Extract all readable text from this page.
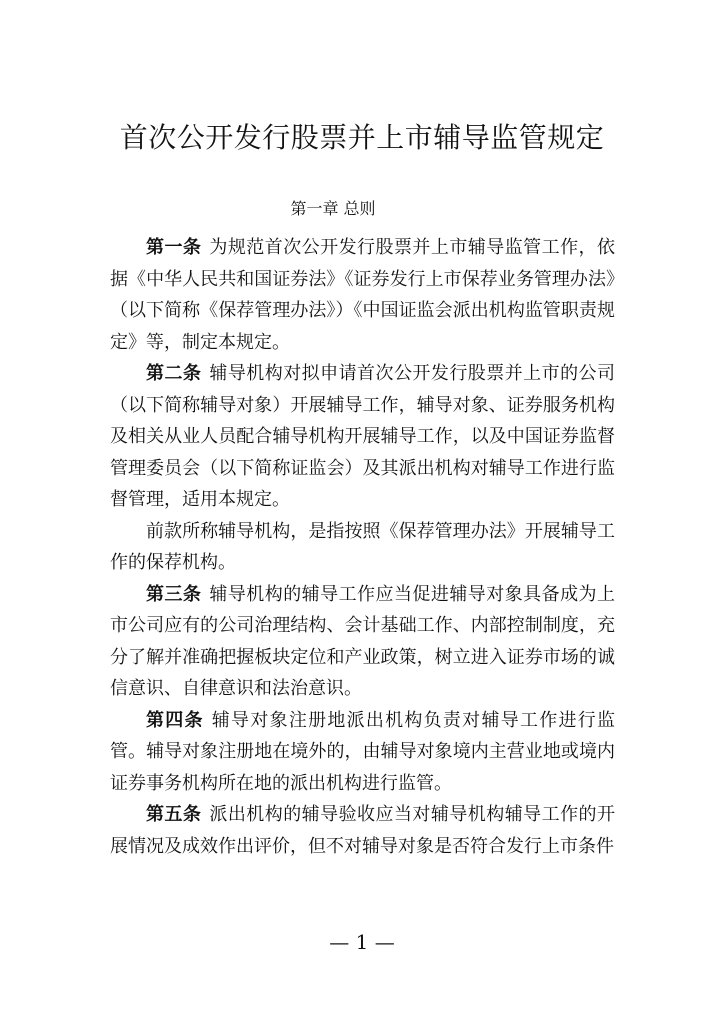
首次公开发行股票并上市辅导监管规定
第一章 总则

第一条 为规范首次公开发行股票并上市辅导监管工作，依据《中华人民共和国证券法》《证券发行上市保荐业务管理办法》（以下简称《保荐管理办法》）《中国证监会派出机构监管职责规定》等，制定本规定。

第二条 辅导机构对拟申请首次公开发行股票并上市的公司（以下简称辅导对象）开展辅导工作，辅导对象、证券服务机构及相关从业人员配合辅导机构开展辅导工作，以及中国证券监督管理委员会（以下简称证监会）及其派出机构对辅导工作进行监督管理，适用本规定。

前款所称辅导机构，是指按照《保荐管理办法》开展辅导工作的保荐机构。

第三条 辅导机构的辅导工作应当促进辅导对象具备成为上市公司应有的公司治理结构、会计基础工作、内部控制制度，充分了解并准确把握板块定位和产业政策，树立进入证券市场的诚信意识、自律意识和法治意识。

第四条 辅导对象注册地派出机构负责对辅导工作进行监管。辅导对象注册地在境外的，由辅导对象境内主营业地或境内证券事务机构所在地的派出机构进行监管。

第五条 派出机构的辅导验收应当对辅导机构辅导工作的开展情况及成效作出评价，但不对辅导对象是否符合发行上市条件

— 1 —
